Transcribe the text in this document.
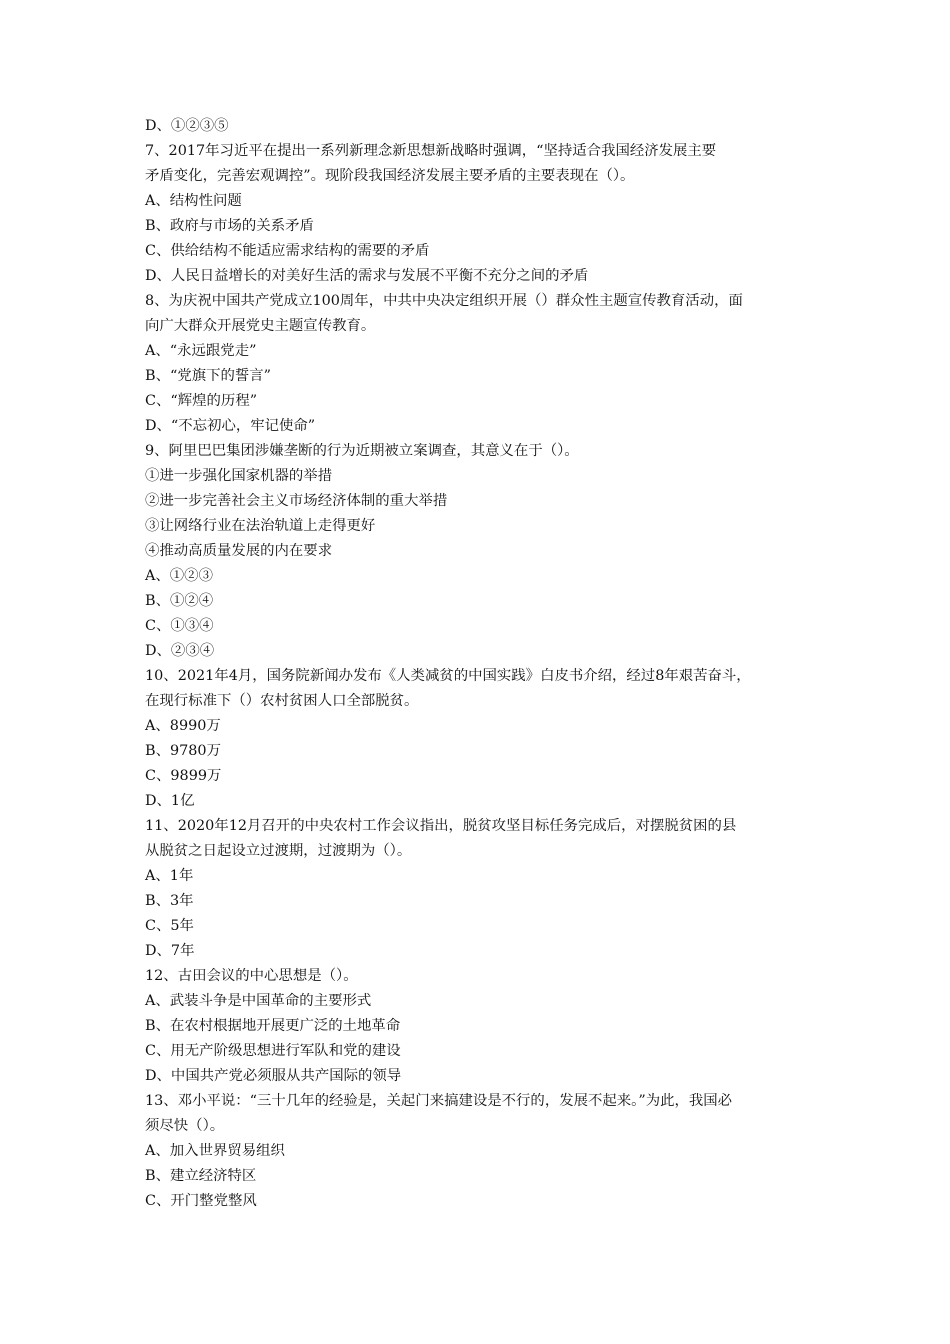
D、①②③⑤
7、2017年习近平在提出一系列新理念新思想新战略时强调，“坚持适合我国经济发展主要
矛盾变化，完善宏观调控”。现阶段我国经济发展主要矛盾的主要表现在（）。
A、结构性问题
B、政府与市场的关系矛盾
C、供给结构不能适应需求结构的需要的矛盾
D、人民日益增长的对美好生活的需求与发展不平衡不充分之间的矛盾
8、为庆祝中国共产党成立100周年，中共中央决定组织开展（）群众性主题宣传教育活动，面
向广大群众开展党史主题宣传教育。
A、“永远跟党走”
B、“党旗下的誓言”
C、“辉煌的历程”
D、“不忘初心，牢记使命”
9、阿里巴巴集团涉嫌垄断的行为近期被立案调查，其意义在于（）。
①进一步强化国家机器的举措
②进一步完善社会主义市场经济体制的重大举措
③让网络行业在法治轨道上走得更好
④推动高质量发展的内在要求
A、①②③
B、①②④
C、①③④
D、②③④
10、2021年4月，国务院新闻办发布《人类减贫的中国实践》白皮书介绍，经过8年艰苦奋斗，
在现行标准下（）农村贫困人口全部脱贫。
A、8990万
B、9780万
C、9899万
D、1亿
11、2020年12月召开的中央农村工作会议指出，脱贫攻坚目标任务完成后，对摆脱贫困的县
从脱贫之日起设立过渡期，过渡期为（）。
A、1年
B、3年
C、5年
D、7年
12、古田会议的中心思想是（）。
A、武装斗争是中国革命的主要形式
B、在农村根据地开展更广泛的土地革命
C、用无产阶级思想进行军队和党的建设
D、中国共产党必须服从共产国际的领导
13、邓小平说：“三十几年的经验是，关起门来搞建设是不行的，发展不起来。”为此，我国必
须尽快（）。
A、加入世界贸易组织
B、建立经济特区
C、开门整党整风
